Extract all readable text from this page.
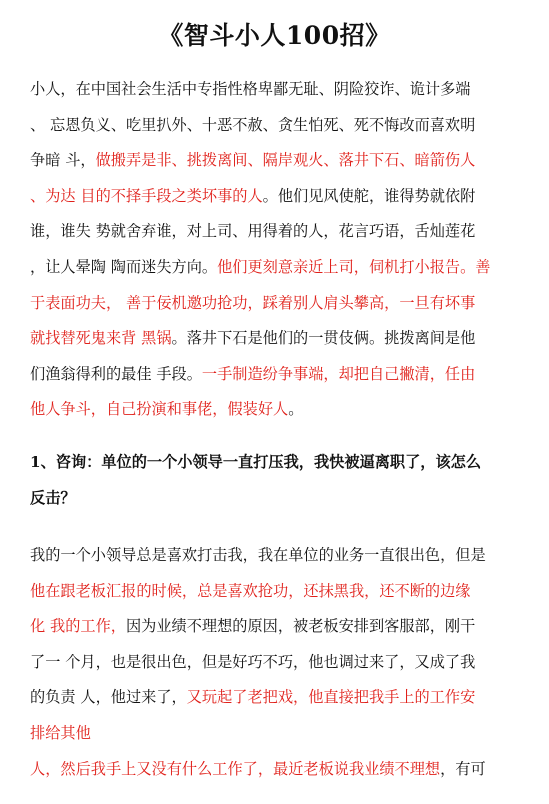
《智斗小人100招》

小人，在中国社会生活中专指性格卑鄙无耻、阴险狡诈、诡计多端
、 忘恩负义、吃里扒外、十恶不赦、贪生怕死、死不悔改而喜欢明
争暗 斗，做搬弄是非、挑拨离间、隔岸观火、落井下石、暗箭伤人
、为达 目的不择手段之类坏事的人。他们见风使舵，谁得势就依附
谁，谁失 势就舍弃谁，对上司、用得着的人，花言巧语，舌灿莲花
，让人晕陶 陶而迷失方向。他们更刻意亲近上司，伺机打小报告。善
于表面功夫， 善于佞机邀功抢功，踩着别人肩头攀高，一旦有坏事
就找替死鬼来背 黑锅。落井下石是他们的一贯伎俩。挑拨离间是他
们渔翁得利的最佳 手段。一手制造纷争事端，却把自己撇清，任由
他人争斗，自己扮演和事佬，假装好人。

1、咨询：单位的一个小领导一直打压我，我快被逼离职了，该怎么
反击？

我的一个小领导总是喜欢打击我，我在单位的业务一直很出色，但是
他在跟老板汇报的时候，总是喜欢抢功，还抹黑我，还不断的边缘
化 我的工作，因为业绩不理想的原因，被老板安排到客服部，刚干
了一 个月，也是很出色，但是好巧不巧，他也调过来了，又成了我
的负责 人，他过来了，又玩起了老把戏，他直接把我手上的工作安
排给其他
人，然后我手上又没有什么工作了，最近老板说我业绩不理想，有可
